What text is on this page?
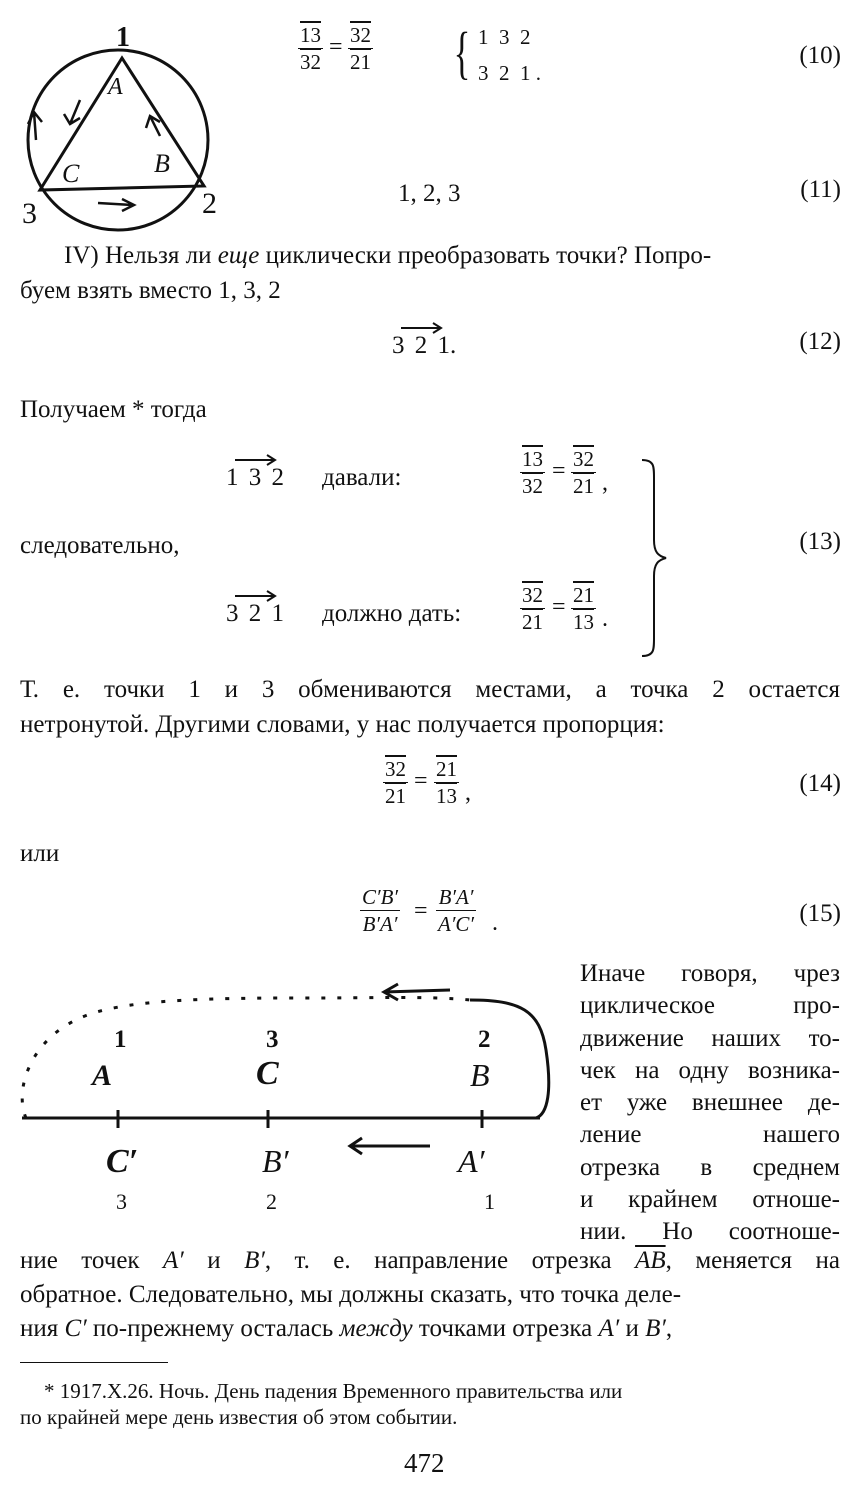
1
3	2
A
B
C
$\frac{13}{32} = \frac{32}{21}$ { 1  3  2
3  2  1 .
(10)
1, 2, 3	(11)
IV) Нельзя ли еще циклически преобразовать точки? Попро-
буем взять вместо 1, 3, 2
3 2 1.	(12)
Получаем * тогда
1 3 2 давали:	$\frac{13}{32} = \frac{32}{21}$ ,
следовательно,
3 2 1 должно дать:	$\frac{32}{21} = \frac{21}{13}$ .
(13)
Т. е. точки 1 и 3 обмениваются местами, а точка 2 остается
нетронутой. Другими словами, у нас получается пропорция:
$\frac{32}{21} = \frac{21}{13}$ ,	(14)
или
C′B′
B′A′ =
B′A′
A′C′ .	(15)
1	3	2
A	C	B
C′	B′	A′
3	2	1
Иначе говоря, чрез
циклическое   про-
движение наших то-
чек на одну возника-
ет уже внешнее де-
ление          нашего
отрезка   в   среднем
и крайнем отноше-
нии.  Но  соотноше-
ние точек A′ и B′, т. е. направление отрезка $\overline{AB}$, меняется на
обратное. Следовательно, мы должны сказать, что точка деле-
ния C′ по-прежнему осталась между точками отрезка A′ и B′,
* 1917.X.26. Ночь. День падения Временного правительства или
по крайней мере день известия об этом событии.
472
